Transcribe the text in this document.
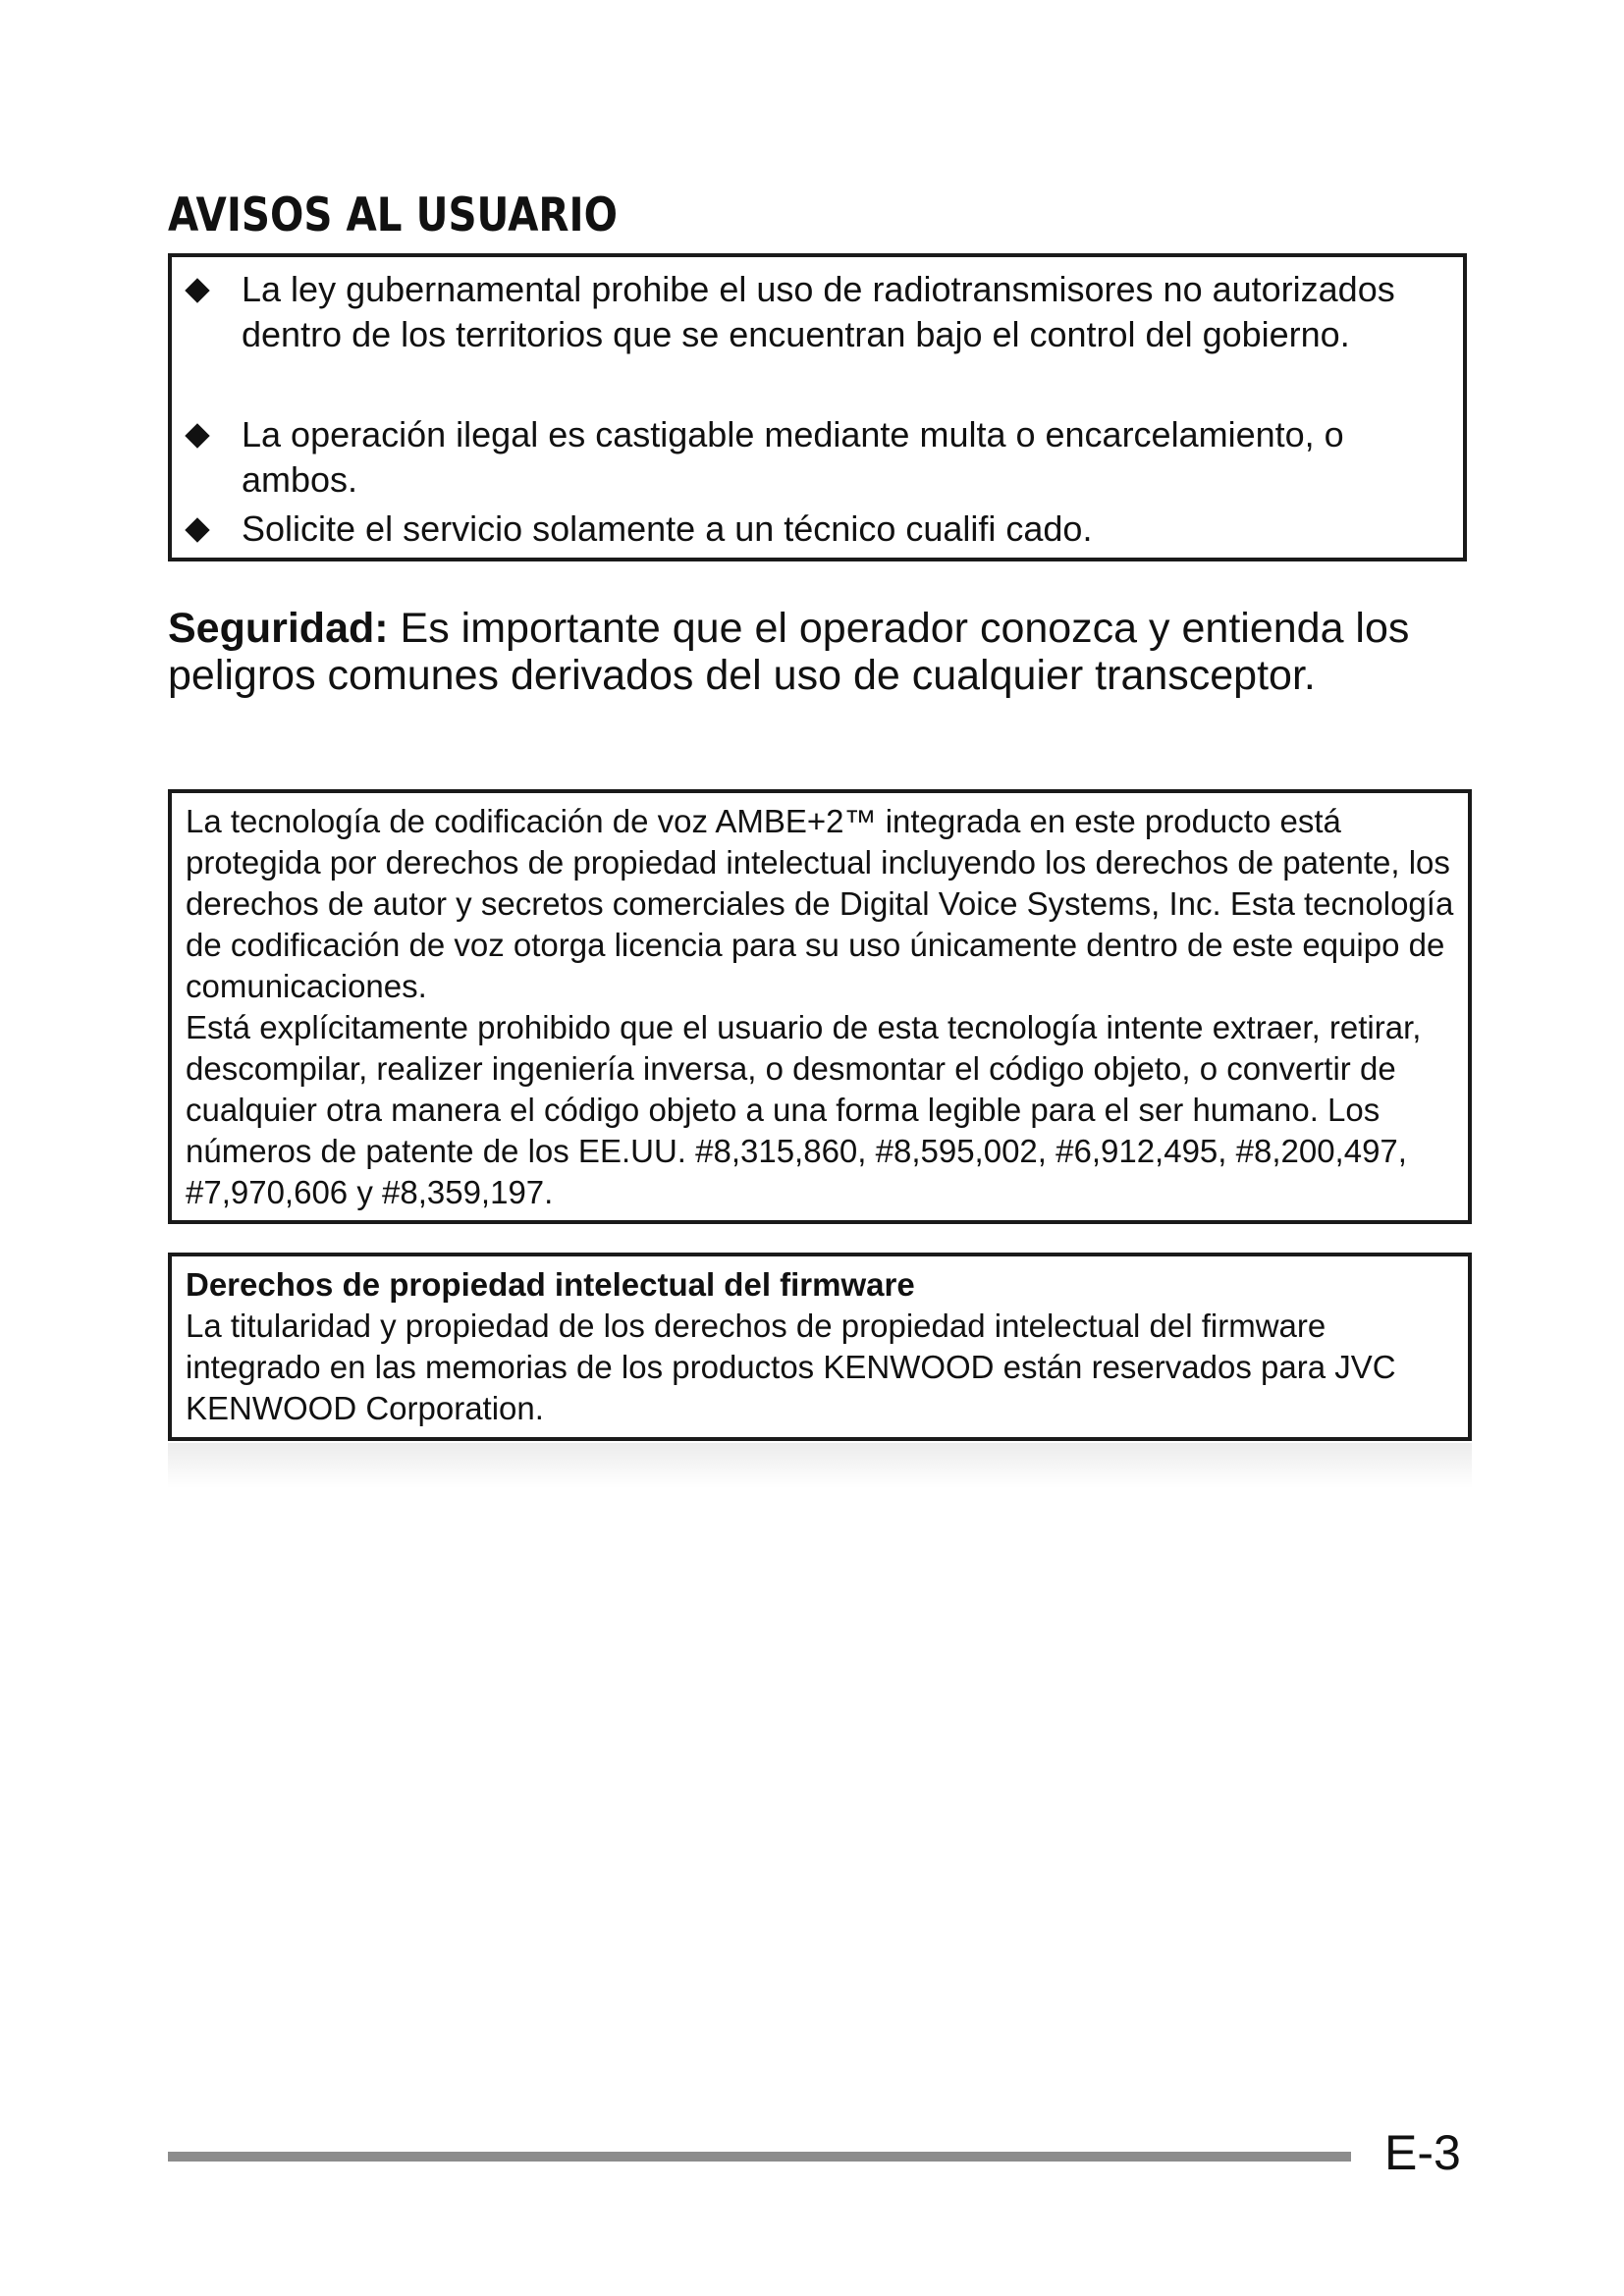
AVISOS AL USUARIO
La ley gubernamental prohibe el uso de radiotransmisores no autorizados dentro de los territorios que se encuentran bajo el control del gobierno.
La operación ilegal es castigable mediante multa o encarcelamiento, o ambos.
Solicite el servicio solamente a un técnico cualifi cado.
Seguridad: Es importante que el operador conozca y entienda los peligros comunes derivados del uso de cualquier transceptor.
La tecnología de codificación de voz AMBE+2™ integrada en este producto está protegida por derechos de propiedad intelectual incluyendo los derechos de patente, los derechos de autor y secretos comerciales de Digital Voice Systems, Inc. Esta tecnología de codificación de voz otorga licencia para su uso únicamente dentro de este equipo de comunicaciones.
Está explícitamente prohibido que el usuario de esta tecnología intente extraer, retirar, descompilar, realizer ingeniería inversa, o desmontar el código objeto, o convertir de cualquier otra manera el código objeto a una forma legible para el ser humano. Los números de patente de los EE.UU. #8,315,860, #8,595,002, #6,912,495, #8,200,497, #7,970,606 y #8,359,197.
Derechos de propiedad intelectual del firmware
La titularidad y propiedad de los derechos de propiedad intelectual del firmware integrado en las memorias de los productos KENWOOD están reservados para JVC KENWOOD Corporation.
E-3
